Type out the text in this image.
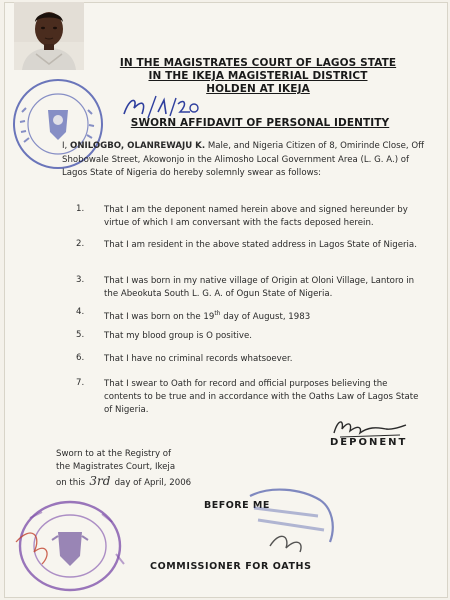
IN THE MAGISTRATES COURT OF LAGOS STATE
IN THE IKEJA MAGISTERIAL DISTRICT
HOLDEN AT IKEJA
SWORN AFFIDAVIT OF PERSONAL IDENTITY
I, ONILOGBO, OLANREWAJU K. Male, and Nigeria Citizen of 8, Omirinde Close, Off Shobowale Street, Akowonjo in the Alimosho Local Government Area (L. G. A.) of Lagos State of Nigeria do hereby solemnly swear as follows:
1. That I am the deponent named herein above and signed hereunder by virtue of which I am conversant with the facts deposed herein.
2. That I am resident in the above stated address in Lagos State of Nigeria.
3. That I was born in my native village of Origin at Oloni Village, Lantoro in the Abeokuta South L. G. A. of Ogun State of Nigeria.
4. That I was born on the 19th day of August, 1983
5. That my blood group is O positive.
6. That I have no criminal records whatsoever.
7. That I swear to Oath for record and official purposes believing the contents to be true and in accordance with the Oaths Law of Lagos State of Nigeria.
DEPONENT
Sworn to at the Registry of
the Magistrates Court, Ikeja
on this 3rd day of April, 2006
BEFORE ME
COMMISSIONER FOR OATHS
